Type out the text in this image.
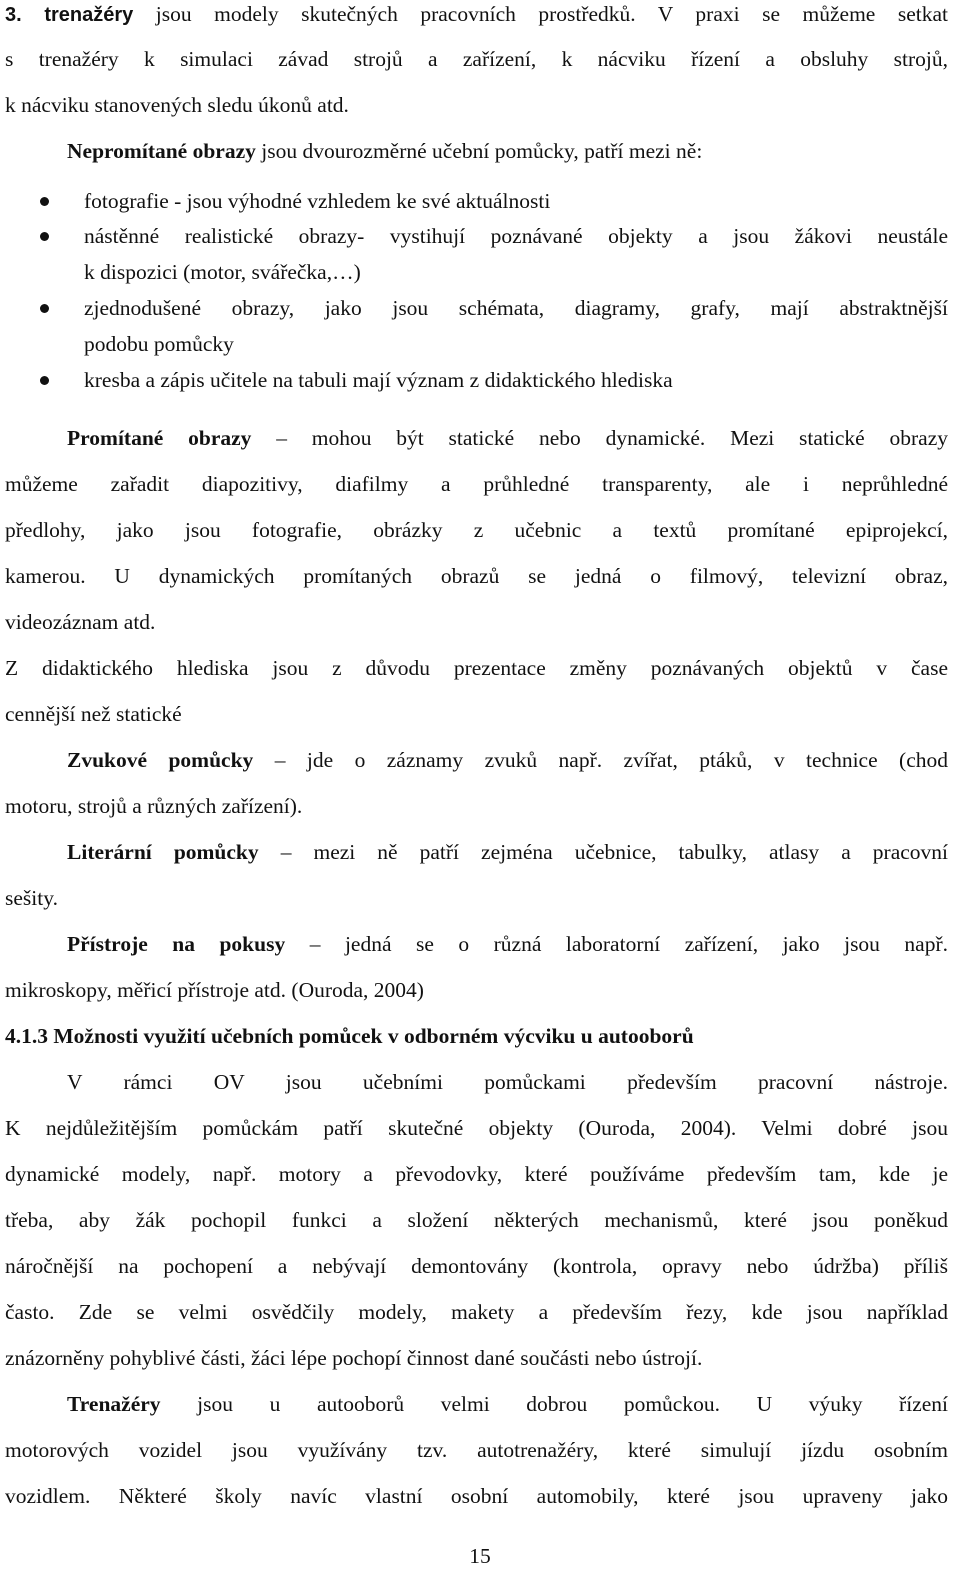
3. trenažéry jsou modely skutečných pracovních prostředků. V praxi se můžeme setkat
s trenažéry k simulaci závad strojů a zařízení, k nácviku řízení a obsluhy strojů,
k nácviku stanovených sledu úkonů atd.
Nepromítané obrazy jsou dvourozměrné učební pomůcky, patří mezi ně:
fotografie - jsou výhodné vzhledem ke své aktuálnosti
nástěnné realistické obrazy- vystihují poznávané objekty a jsou žákovi neustále
k dispozici (motor, svářečka,…)
zjednodušené obrazy, jako jsou schémata, diagramy, grafy, mají abstraktnější
podobu pomůcky
kresba a zápis učitele na tabuli mají význam z didaktického hlediska
Promítané obrazy – mohou být statické nebo dynamické. Mezi statické obrazy
můžeme zařadit diapozitivy, diafilmy a průhledné transparenty, ale i neprůhledné
předlohy, jako jsou fotografie, obrázky z učebnic a textů promítané epiprojekcí,
kamerou. U dynamických promítaných obrazů se jedná o filmový, televizní obraz,
videozáznam atd.
Z didaktického hlediska jsou z důvodu prezentace změny poznávaných objektů v čase
cennější než statické
Zvukové pomůcky – jde o záznamy zvuků např. zvířat, ptáků, v technice (chod
motoru, strojů a různých zařízení).
Literární pomůcky – mezi ně patří zejména učebnice, tabulky, atlasy a pracovní
sešity.
Přístroje na pokusy – jedná se o různá laboratorní zařízení, jako jsou např.
mikroskopy, měřicí přístroje atd. (Ouroda, 2004)
4.1.3 Možnosti využití učebních pomůcek v odborném výcviku u autooborů
V rámci OV jsou učebními pomůckami především pracovní nástroje.
K nejdůležitějším pomůckám patří skutečné objekty (Ouroda, 2004). Velmi dobré jsou
dynamické modely, např. motory a převodovky, které používáme především tam, kde je
třeba, aby žák pochopil funkci a složení některých mechanismů, které jsou poněkud
náročnější na pochopení a nebývají demontovány (kontrola, opravy nebo údržba) příliš
často. Zde se velmi osvědčily modely, makety a především řezy, kde jsou například
znázorněny pohyblivé části, žáci lépe pochopí činnost dané součásti nebo ústrojí.
Trenažéry jsou u autooborů velmi dobrou pomůckou. U výuky řízení
motorových vozidel jsou využívány tzv. autotrenažéry, které simulují jízdu osobním
vozidlem. Některé školy navíc vlastní osobní automobily, které jsou upraveny jako
15
